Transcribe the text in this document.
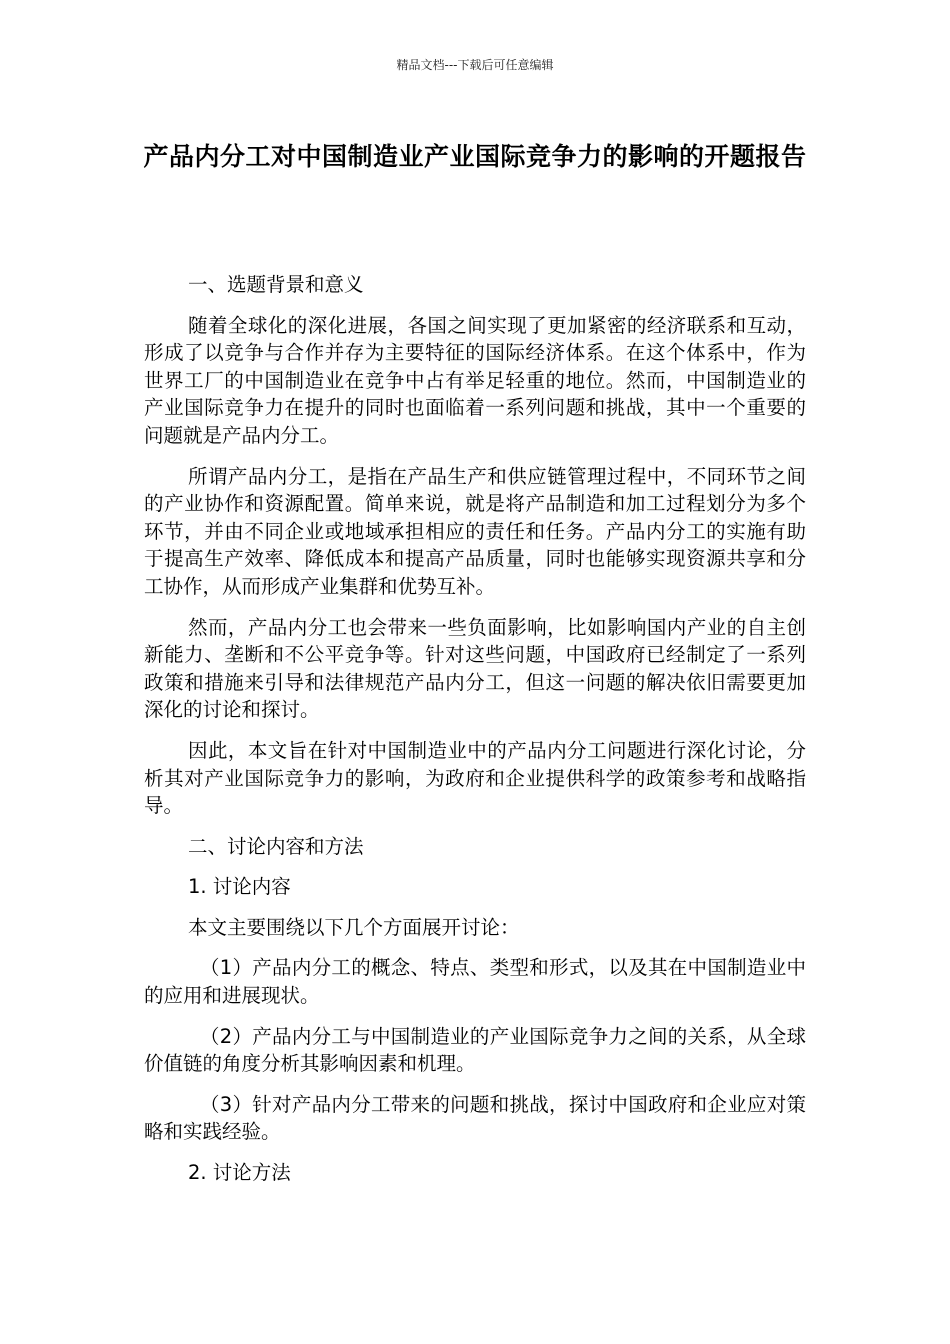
精品文档---下载后可任意编辑
产品内分工对中国制造业产业国际竞争力的影响的开题报告

一、选题背景和意义

随着全球化的深化进展，各国之间实现了更加紧密的经济联系和互动，形成了以竞争与合作并存为主要特征的国际经济体系。在这个体系中，作为世界工厂的中国制造业在竞争中占有举足轻重的地位。然而，中国制造业的产业国际竞争力在提升的同时也面临着一系列问题和挑战，其中一个重要的问题就是产品内分工。

所谓产品内分工，是指在产品生产和供应链管理过程中，不同环节之间的产业协作和资源配置。简单来说，就是将产品制造和加工过程划分为多个环节，并由不同企业或地域承担相应的责任和任务。产品内分工的实施有助于提高生产效率、降低成本和提高产品质量，同时也能够实现资源共享和分工协作，从而形成产业集群和优势互补。

然而，产品内分工也会带来一些负面影响，比如影响国内产业的自主创新能力、垄断和不公平竞争等。针对这些问题，中国政府已经制定了一系列政策和措施来引导和法律规范产品内分工，但这一问题的解决依旧需要更加深化的讨论和探讨。

因此，本文旨在针对中国制造业中的产品内分工问题进行深化讨论，分析其对产业国际竞争力的影响，为政府和企业提供科学的政策参考和战略指导。

二、讨论内容和方法

1. 讨论内容

本文主要围绕以下几个方面展开讨论：

（1）产品内分工的概念、特点、类型和形式，以及其在中国制造业中的应用和进展现状。

（2）产品内分工与中国制造业的产业国际竞争力之间的关系，从全球价值链的角度分析其影响因素和机理。

（3）针对产品内分工带来的问题和挑战，探讨中国政府和企业应对策略和实践经验。

2. 讨论方法
